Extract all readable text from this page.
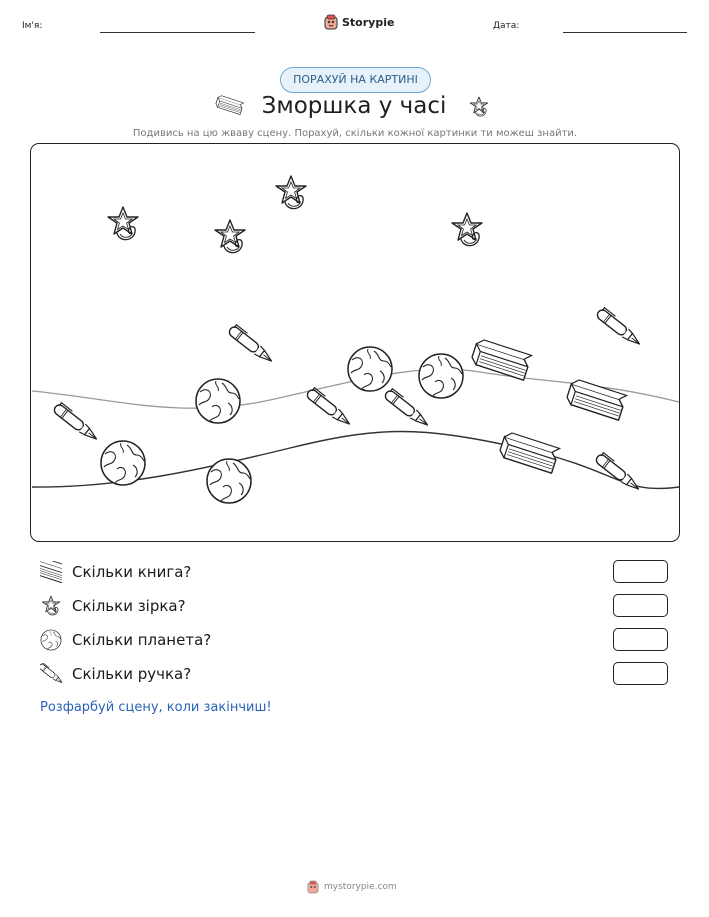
Ім'я:	Storypie	Дата:
ПОРАХУЙ НА КАРТИНІ
Зморшка у часі
Подивись на цю жваву сцену. Порахуй, скільки кожної картинки ти можеш знайти.
Скільки книга?
Скільки зірка?
Скільки планета?
Скільки ручка?
Розфарбуй сцену, коли закінчиш!
mystorypie.com
